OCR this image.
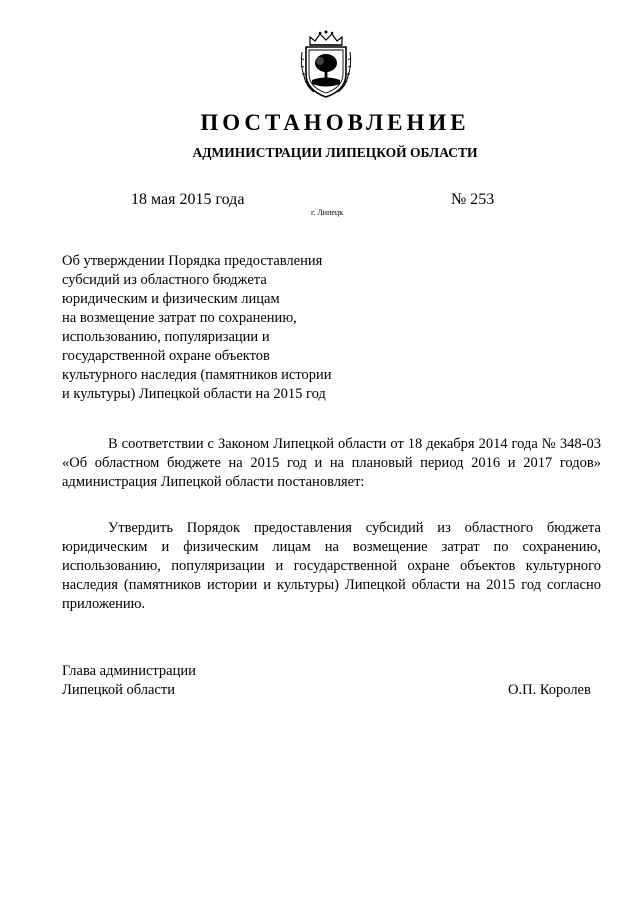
ПОСТАНОВЛЕНИЕ
АДМИНИСТРАЦИИ ЛИПЕЦКОЙ ОБЛАСТИ
18 мая 2015 года
г. Липецк
№ 253
Об утверждении Порядка предоставления
субсидий из областного бюджета
юридическим и физическим лицам
на возмещение затрат по сохранению,
использованию, популяризации и
государственной охране объектов
культурного наследия (памятников истории
и культуры) Липецкой области на 2015 год
В соответствии с Законом Липецкой области от 18 декабря 2014 года № 348-03 «Об областном бюджете на 2015 год и на плановый период 2016 и 2017 годов» администрация Липецкой области постановляет:
Утвердить Порядок предоставления субсидий из областного бюджета юридическим и физическим лицам на возмещение затрат по сохранению, использованию, популяризации и государственной охране объектов культурного наследия (памятников истории и культуры) Липецкой области на 2015 год согласно приложению.
Глава администрации
Липецкой области	О.П. Королев
